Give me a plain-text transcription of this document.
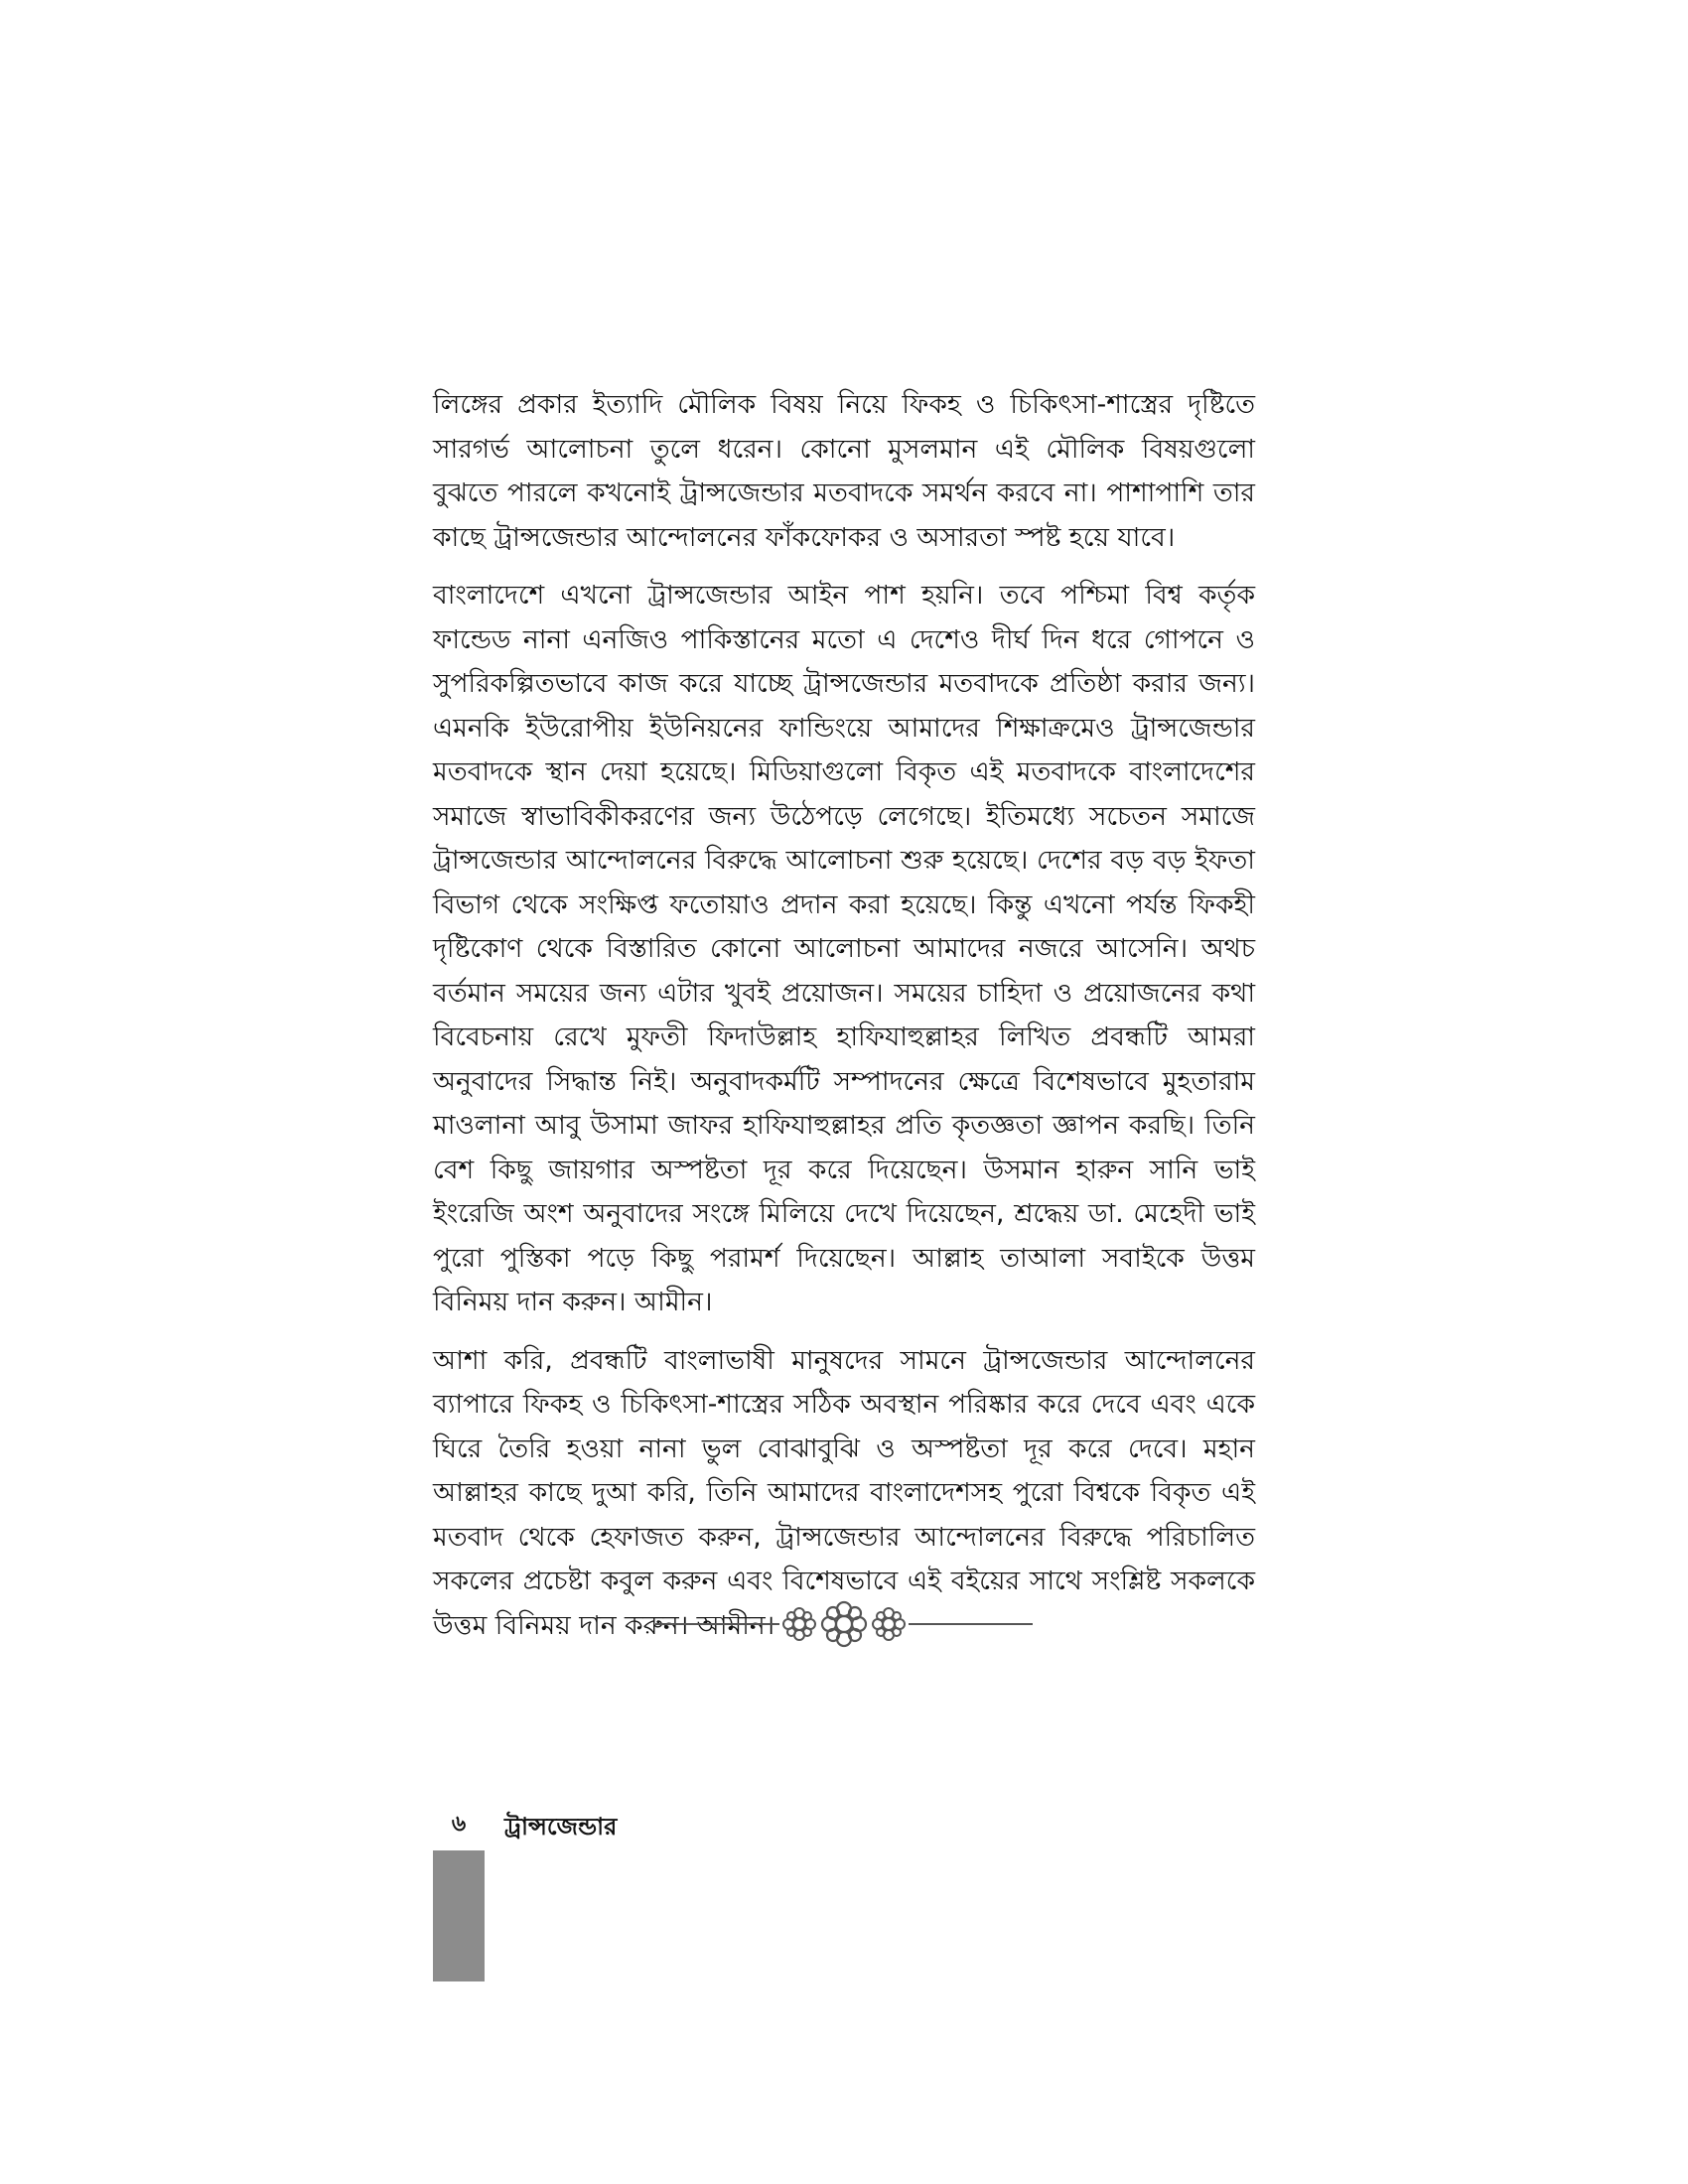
লিঙ্গের প্রকার ইত্যাদি মৌলিক বিষয় নিয়ে ফিকহ ও চিকিৎসা-শাস্ত্রের দৃষ্টিতে সারগর্ভ আলোচনা তুলে ধরেন। কোনো মুসলমান এই মৌলিক বিষয়গুলো বুঝতে পারলে কখনোই ট্রান্সজেন্ডার মতবাদকে সমর্থন করবে না। পাশাপাশি তার কাছে ট্রান্সজেন্ডার আন্দোলনের ফাঁকফোকর ও অসারতা স্পষ্ট হয়ে যাবে।

বাংলাদেশে এখনো ট্রান্সজেন্ডার আইন পাশ হয়নি। তবে পশ্চিমা বিশ্ব কর্তৃক ফান্ডেড নানা এনজিও পাকিস্তানের মতো এ দেশেও দীর্ঘ দিন ধরে গোপনে ও সুপরিকল্পিতভাবে কাজ করে যাচ্ছে ট্রান্সজেন্ডার মতবাদকে প্রতিষ্ঠা করার জন্য। এমনকি ইউরোপীয় ইউনিয়নের ফান্ডিংয়ে আমাদের শিক্ষাক্রমেও ট্রান্সজেন্ডার মতবাদকে স্থান দেয়া হয়েছে। মিডিয়াগুলো বিকৃত এই মতবাদকে বাংলাদেশের সমাজে স্বাভাবিকীকরণের জন্য উঠেপড়ে লেগেছে। ইতিমধ্যে সচেতন সমাজে ট্রান্সজেন্ডার আন্দোলনের বিরুদ্ধে আলোচনা শুরু হয়েছে। দেশের বড় বড় ইফতা বিভাগ থেকে সংক্ষিপ্ত ফতোয়াও প্রদান করা হয়েছে। কিন্তু এখনো পর্যন্ত ফিকহী দৃষ্টিকোণ থেকে বিস্তারিত কোনো আলোচনা আমাদের নজরে আসেনি। অথচ বর্তমান সময়ের জন্য এটার খুবই প্রয়োজন। সময়ের চাহিদা ও প্রয়োজনের কথা বিবেচনায় রেখে মুফতী ফিদাউল্লাহ হাফিযাহুল্লাহর লিখিত প্রবন্ধটি আমরা অনুবাদের সিদ্ধান্ত নিই। অনুবাদকর্মটি সম্পাদনের ক্ষেত্রে বিশেষভাবে মুহতারাম মাওলানা আবু উসামা জাফর হাফিযাহুল্লাহর প্রতি কৃতজ্ঞতা জ্ঞাপন করছি। তিনি বেশ কিছু জায়গার অস্পষ্টতা দূর করে দিয়েছেন। উসমান হারুন সানি ভাই ইংরেজি অংশ অনুবাদের সংঙ্গে মিলিয়ে দেখে দিয়েছেন, শ্রদ্ধেয় ডা. মেহেদী ভাই পুরো পুস্তিকা পড়ে কিছু পরামর্শ দিয়েছেন। আল্লাহ তাআলা সবাইকে উত্তম বিনিময় দান করুন। আমীন।

আশা করি, প্রবন্ধটি বাংলাভাষী মানুষদের সামনে ট্রান্সজেন্ডার আন্দোলনের ব্যাপারে ফিকহ ও চিকিৎসা-শাস্ত্রের সঠিক অবস্থান পরিষ্কার করে দেবে এবং একে ঘিরে তৈরি হওয়া নানা ভুল বোঝাবুঝি ও অস্পষ্টতা দূর করে দেবে। মহান আল্লাহর কাছে দুআ করি, তিনি আমাদের বাংলাদেশসহ পুরো বিশ্বকে বিকৃত এই মতবাদ থেকে হেফাজত করুন, ট্রান্সজেন্ডার আন্দোলনের বিরুদ্ধে পরিচালিত সকলের প্রচেষ্টা কবুল করুন এবং বিশেষভাবে এই বইয়ের সাথে সংশ্লিষ্ট সকলকে উত্তম বিনিময় দান করুন। আমীন।

৬	ট্রান্সজেন্ডার
